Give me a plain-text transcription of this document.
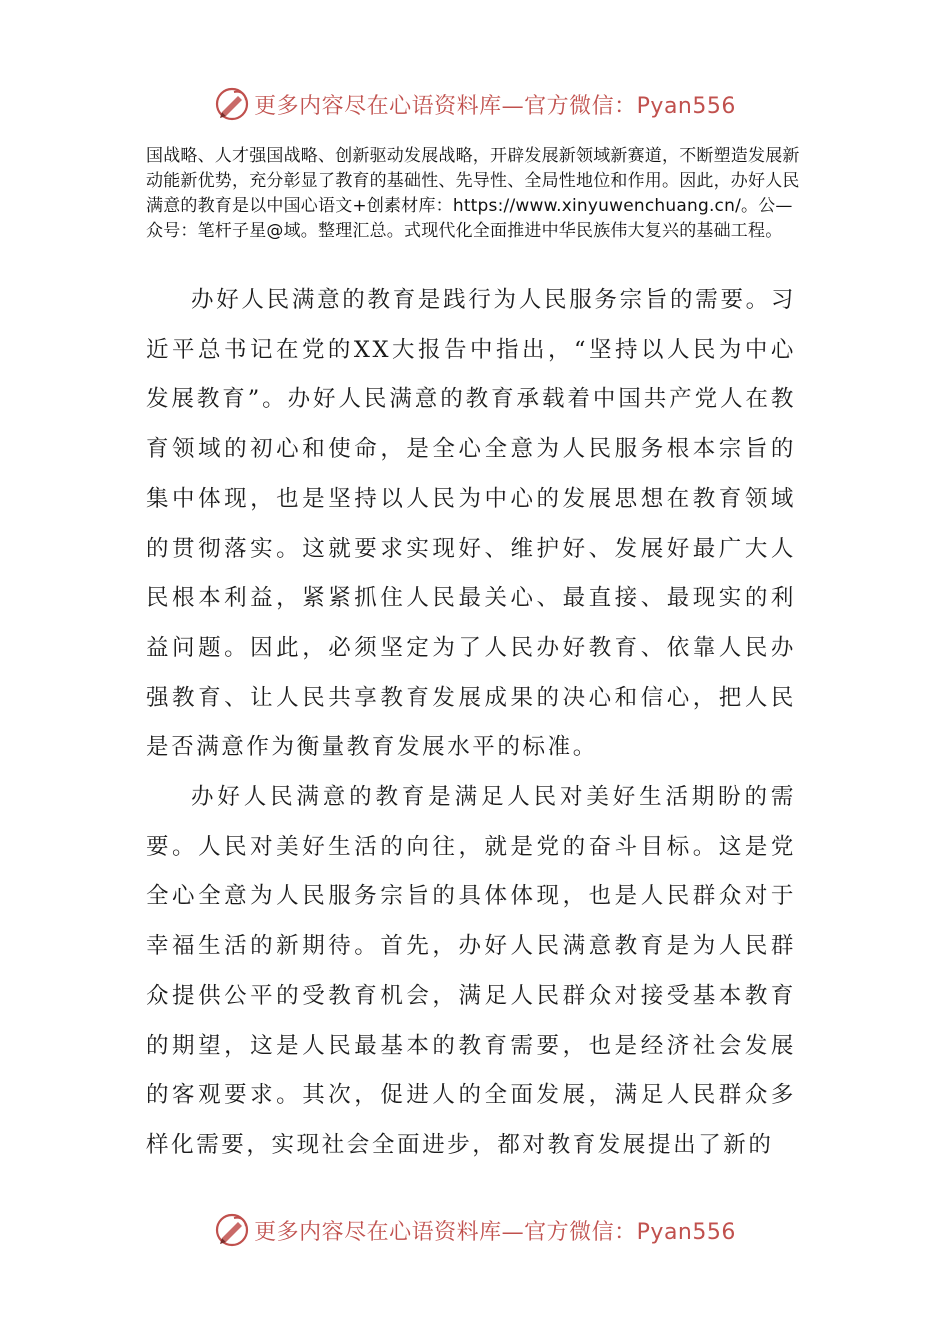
更多内容尽在心语资料库—官方微信：Pyan556
国战略、人才强国战略、创新驱动发展战略，开辟发展新领域新赛道，不断塑造发展新动能新优势，充分彰显了教育的基础性、先导性、全局性地位和作用。因此，办好人民满意的教育是以中国心语文+创素材库：https://www.xinyuwenchuang.cn/。公—众号：笔杆子星@域。整理汇总。式现代化全面推进中华民族伟大复兴的基础工程。

办好人民满意的教育是践行为人民服务宗旨的需要。习近平总书记在党的XX大报告中指出，“坚持以人民为中心发展教育”。办好人民满意的教育承载着中国共产党人在教育领域的初心和使命，是全心全意为人民服务根本宗旨的集中体现，也是坚持以人民为中心的发展思想在教育领域的贯彻落实。这就要求实现好、维护好、发展好最广大人民根本利益，紧紧抓住人民最关心、最直接、最现实的利益问题。因此，必须坚定为了人民办好教育、依靠人民办强教育、让人民共享教育发展成果的决心和信心，把人民是否满意作为衡量教育发展水平的标准。

办好人民满意的教育是满足人民对美好生活期盼的需要。人民对美好生活的向往，就是党的奋斗目标。这是党全心全意为人民服务宗旨的具体体现，也是人民群众对于幸福生活的新期待。首先，办好人民满意教育是为人民群众提供公平的受教育机会，满足人民群众对接受基本教育的期望，这是人民最基本的教育需要，也是经济社会发展的客观要求。其次，促进人的全面发展，满足人民群众多样化需要，实现社会全面进步，都对教育发展提出了新的

更多内容尽在心语资料库—官方微信：Pyan556
